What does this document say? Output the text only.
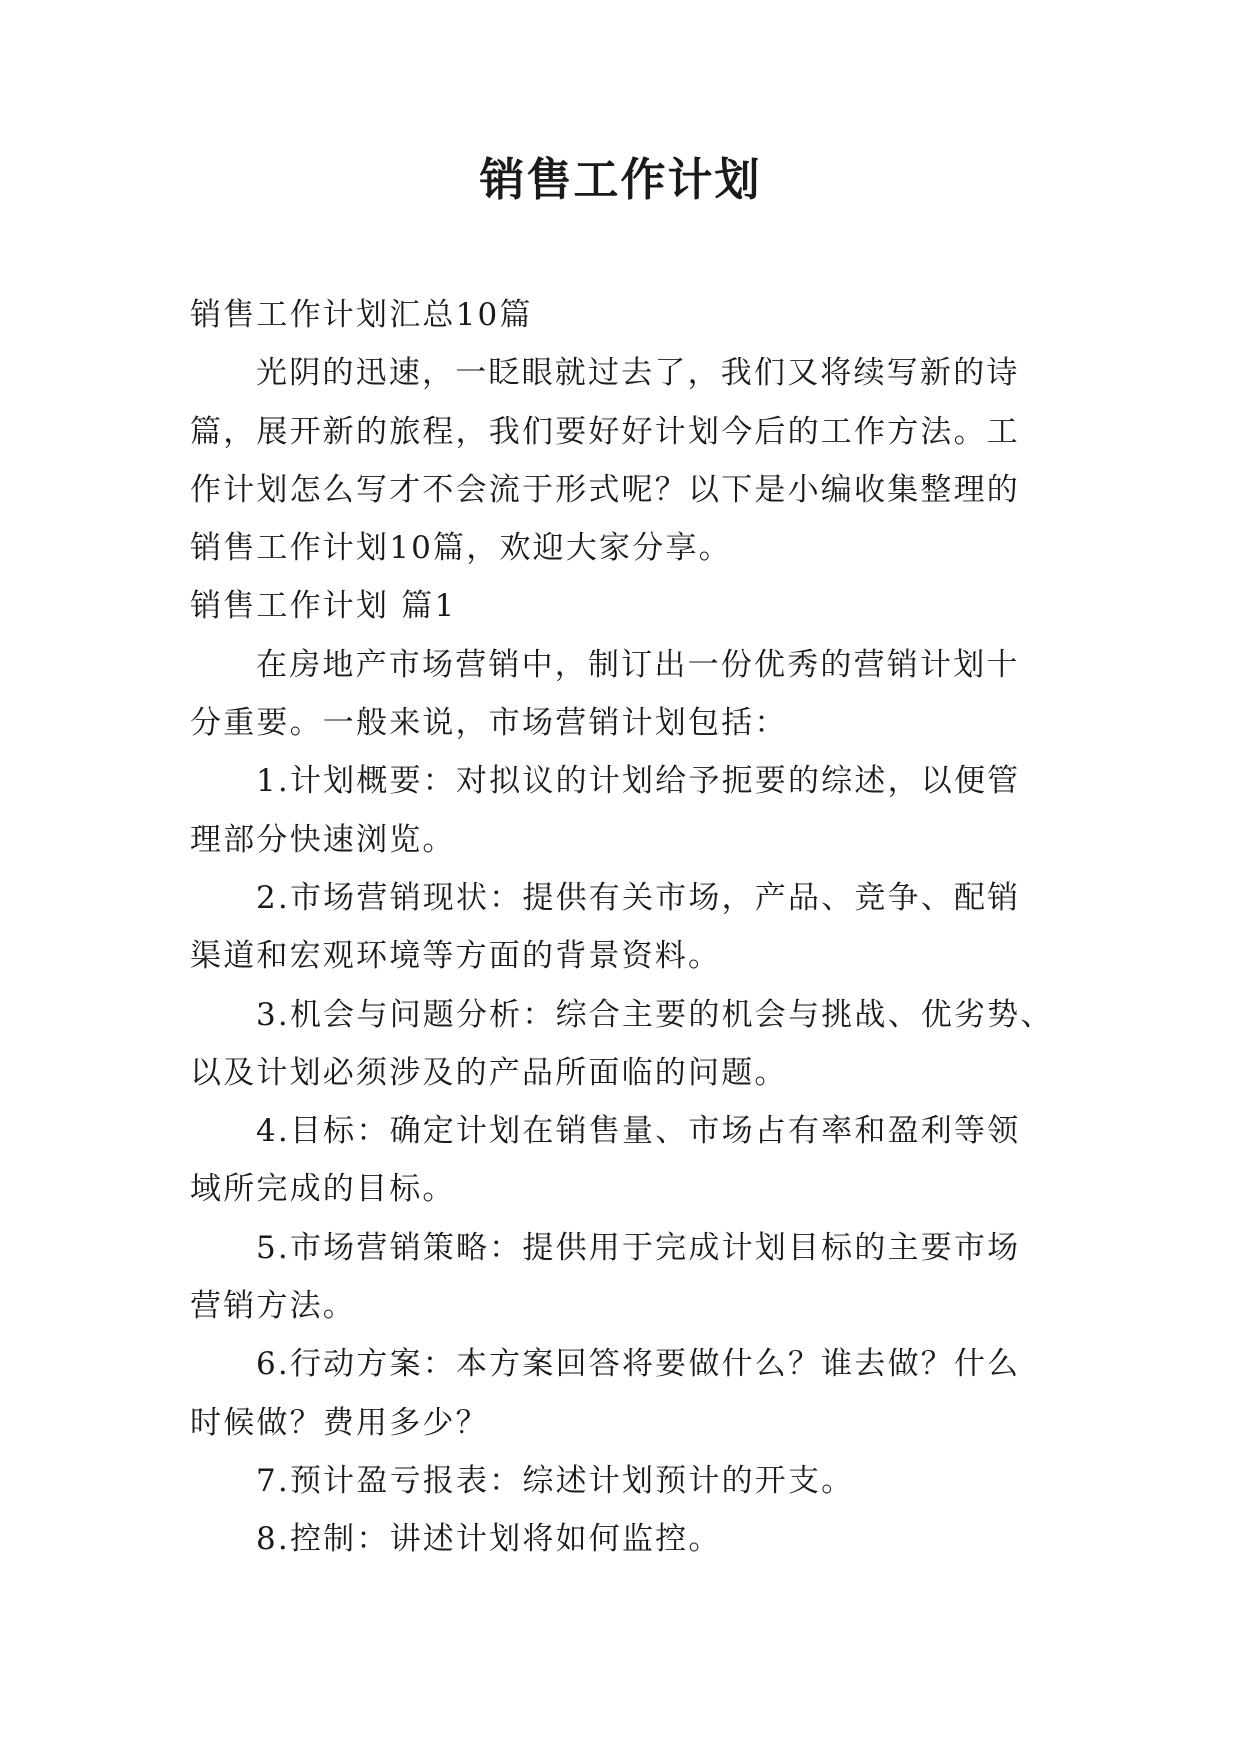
销售工作计划

销售工作计划汇总10篇

光阴的迅速，一眨眼就过去了，我们又将续写新的诗篇，展开新的旅程，我们要好好计划今后的工作方法。工作计划怎么写才不会流于形式呢？以下是小编收集整理的销售工作计划10篇，欢迎大家分享。

销售工作计划 篇1

在房地产市场营销中，制订出一份优秀的营销计划十分重要。一般来说，市场营销计划包括：

1.计划概要：对拟议的计划给予扼要的综述，以便管理部分快速浏览。

2.市场营销现状：提供有关市场，产品、竞争、配销渠道和宏观环境等方面的背景资料。

3.机会与问题分析：综合主要的机会与挑战、优劣势、以及计划必须涉及的产品所面临的问题。

4.目标：确定计划在销售量、市场占有率和盈利等领域所完成的目标。

5.市场营销策略：提供用于完成计划目标的主要市场营销方法。

6.行动方案：本方案回答将要做什么？谁去做？什么时候做？费用多少？

7.预计盈亏报表：综述计划预计的开支。

8.控制：讲述计划将如何监控。
